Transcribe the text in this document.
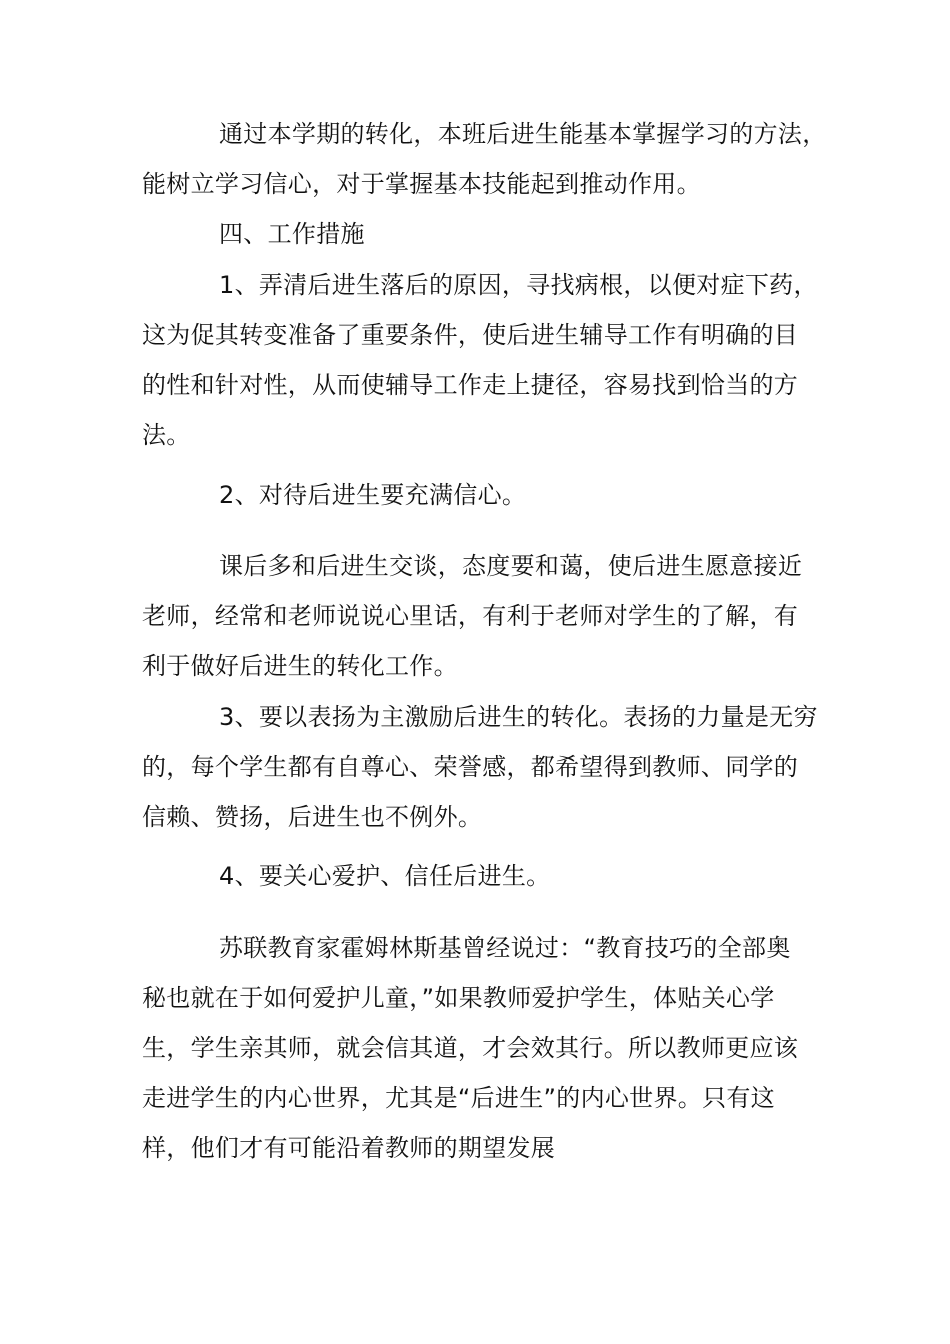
通过本学期的转化，本班后进生能基本掌握学习的方法，
能树立学习信心，对于掌握基本技能起到推动作用。
四、工作措施
1、弄清后进生落后的原因，寻找病根，以便对症下药，
这为促其转变准备了重要条件，使后进生辅导工作有明确的目
的性和针对性，从而使辅导工作走上捷径，容易找到恰当的方
法。
2、对待后进生要充满信心。
课后多和后进生交谈，态度要和蔼，使后进生愿意接近
老师，经常和老师说说心里话，有利于老师对学生的了解，有
利于做好后进生的转化工作。
3、要以表扬为主激励后进生的转化。表扬的力量是无穷
的，每个学生都有自尊心、荣誉感，都希望得到教师、同学的
信赖、赞扬，后进生也不例外。
4、要关心爱护、信任后进生。
苏联教育家霍姆林斯基曾经说过：“教育技巧的全部奥
秘也就在于如何爱护儿童，”如果教师爱护学生，体贴关心学
生，学生亲其师，就会信其道，才会效其行。所以教师更应该
走进学生的内心世界，尤其是“后进生”的内心世界。只有这
样，他们才有可能沿着教师的期望发展
